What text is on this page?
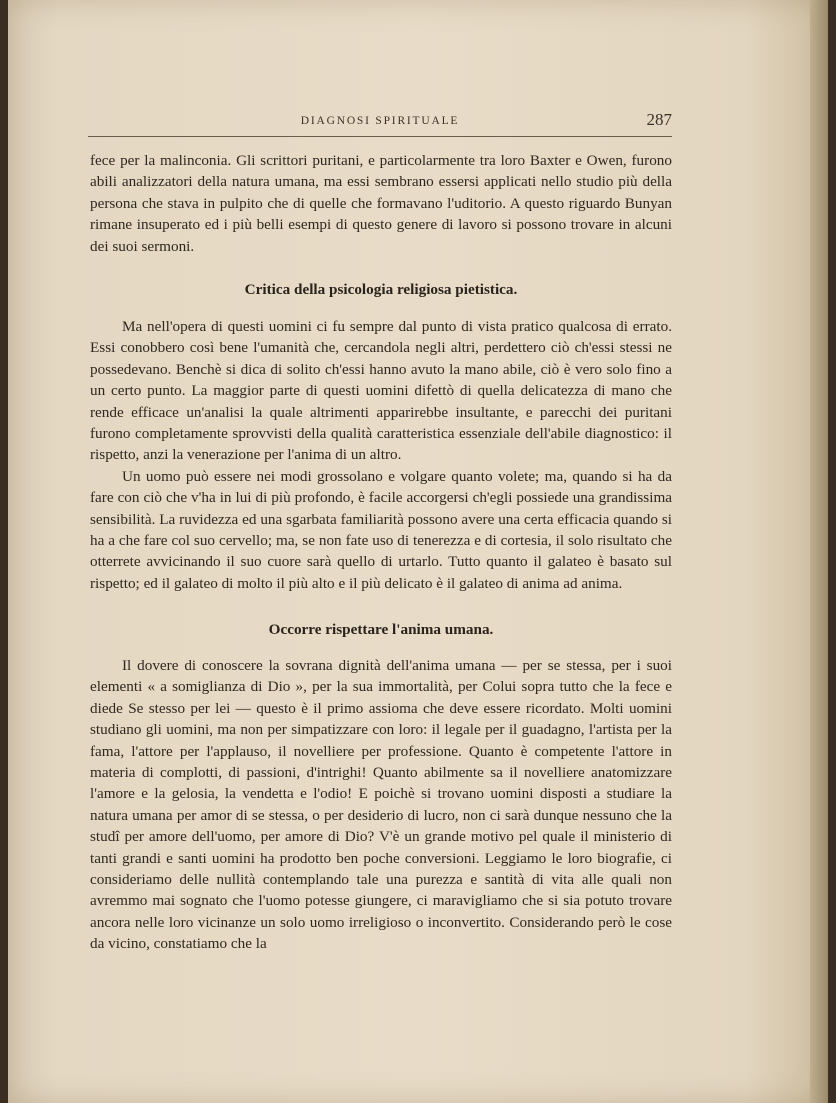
DIAGNOSI SPIRITUALE	287

fece per la malinconia. Gli scrittori puritani, e particolarmente tra loro Baxter e Owen, furono abili analizzatori della natura umana, ma essi sembrano essersi applicati nello studio più della persona che stava in pulpito che di quelle che formavano l'uditorio. A questo riguardo Bunyan rimane insuperato ed i più belli esempi di questo genere di lavoro si possono trovare in alcuni dei suoi sermoni.

Critica della psicologia religiosa pietistica.

Ma nell'opera di questi uomini ci fu sempre dal punto di vista pratico qualcosa di errato. Essi conobbero così bene l'umanità che, cercandola negli altri, perdettero ciò ch'essi stessi ne possedevano. Benchè si dica di solito ch'essi hanno avuto la mano abile, ciò è vero solo fino a un certo punto. La maggior parte di questi uomini difettò di quella delicatezza di mano che rende efficace un'analisi la quale altrimenti apparirebbe insultante, e parecchi dei puritani furono completamente sprovvisti della qualità caratteristica essenziale dell'abile diagnostico: il rispetto, anzi la venerazione per l'anima di un altro.

Un uomo può essere nei modi grossolano e volgare quanto volete; ma, quando si ha da fare con ciò che v'ha in lui di più profondo, è facile accorgersi ch'egli possiede una grandissima sensibilità. La ruvidezza ed una sgarbata familiarità possono avere una certa efficacia quando si ha a che fare col suo cervello; ma, se non fate uso di tenerezza e di cortesia, il solo risultato che otterrete avvicinando il suo cuore sarà quello di urtarlo. Tutto quanto il galateo è basato sul rispetto; ed il galateo di molto il più alto e il più delicato è il galateo di anima ad anima.

Occorre rispettare l'anima umana.

Il dovere di conoscere la sovrana dignità dell'anima umana — per se stessa, per i suoi elementi « a somiglianza di Dio », per la sua immortalità, per Colui sopra tutto che la fece e diede Se stesso per lei — questo è il primo assioma che deve essere ricordato. Molti uomini studiano gli uomini, ma non per simpatizzare con loro: il legale per il guadagno, l'artista per la fama, l'attore per l'applauso, il novelliere per professione. Quanto è competente l'attore in materia di complotti, di passioni, d'intrighi! Quanto abilmente sa il novelliere anatomizzare l'amore e la gelosia, la vendetta e l'odio! E poichè si trovano uomini disposti a studiare la natura umana per amor di se stessa, o per desiderio di lucro, non ci sarà dunque nessuno che la studî per amore dell'uomo, per amore di Dio? V'è un grande motivo pel quale il ministerio di tanti grandi e santi uomini ha prodotto ben poche conversioni. Leggiamo le loro biografie, ci consideriamo delle nullità contemplando tale una purezza e santità di vita alle quali non avremmo mai sognato che l'uomo potesse giungere, ci maravigliamo che si sia potuto trovare ancora nelle loro vicinanze un solo uomo irreligioso o inconvertito. Considerando però le cose da vicino, constatiamo che la
